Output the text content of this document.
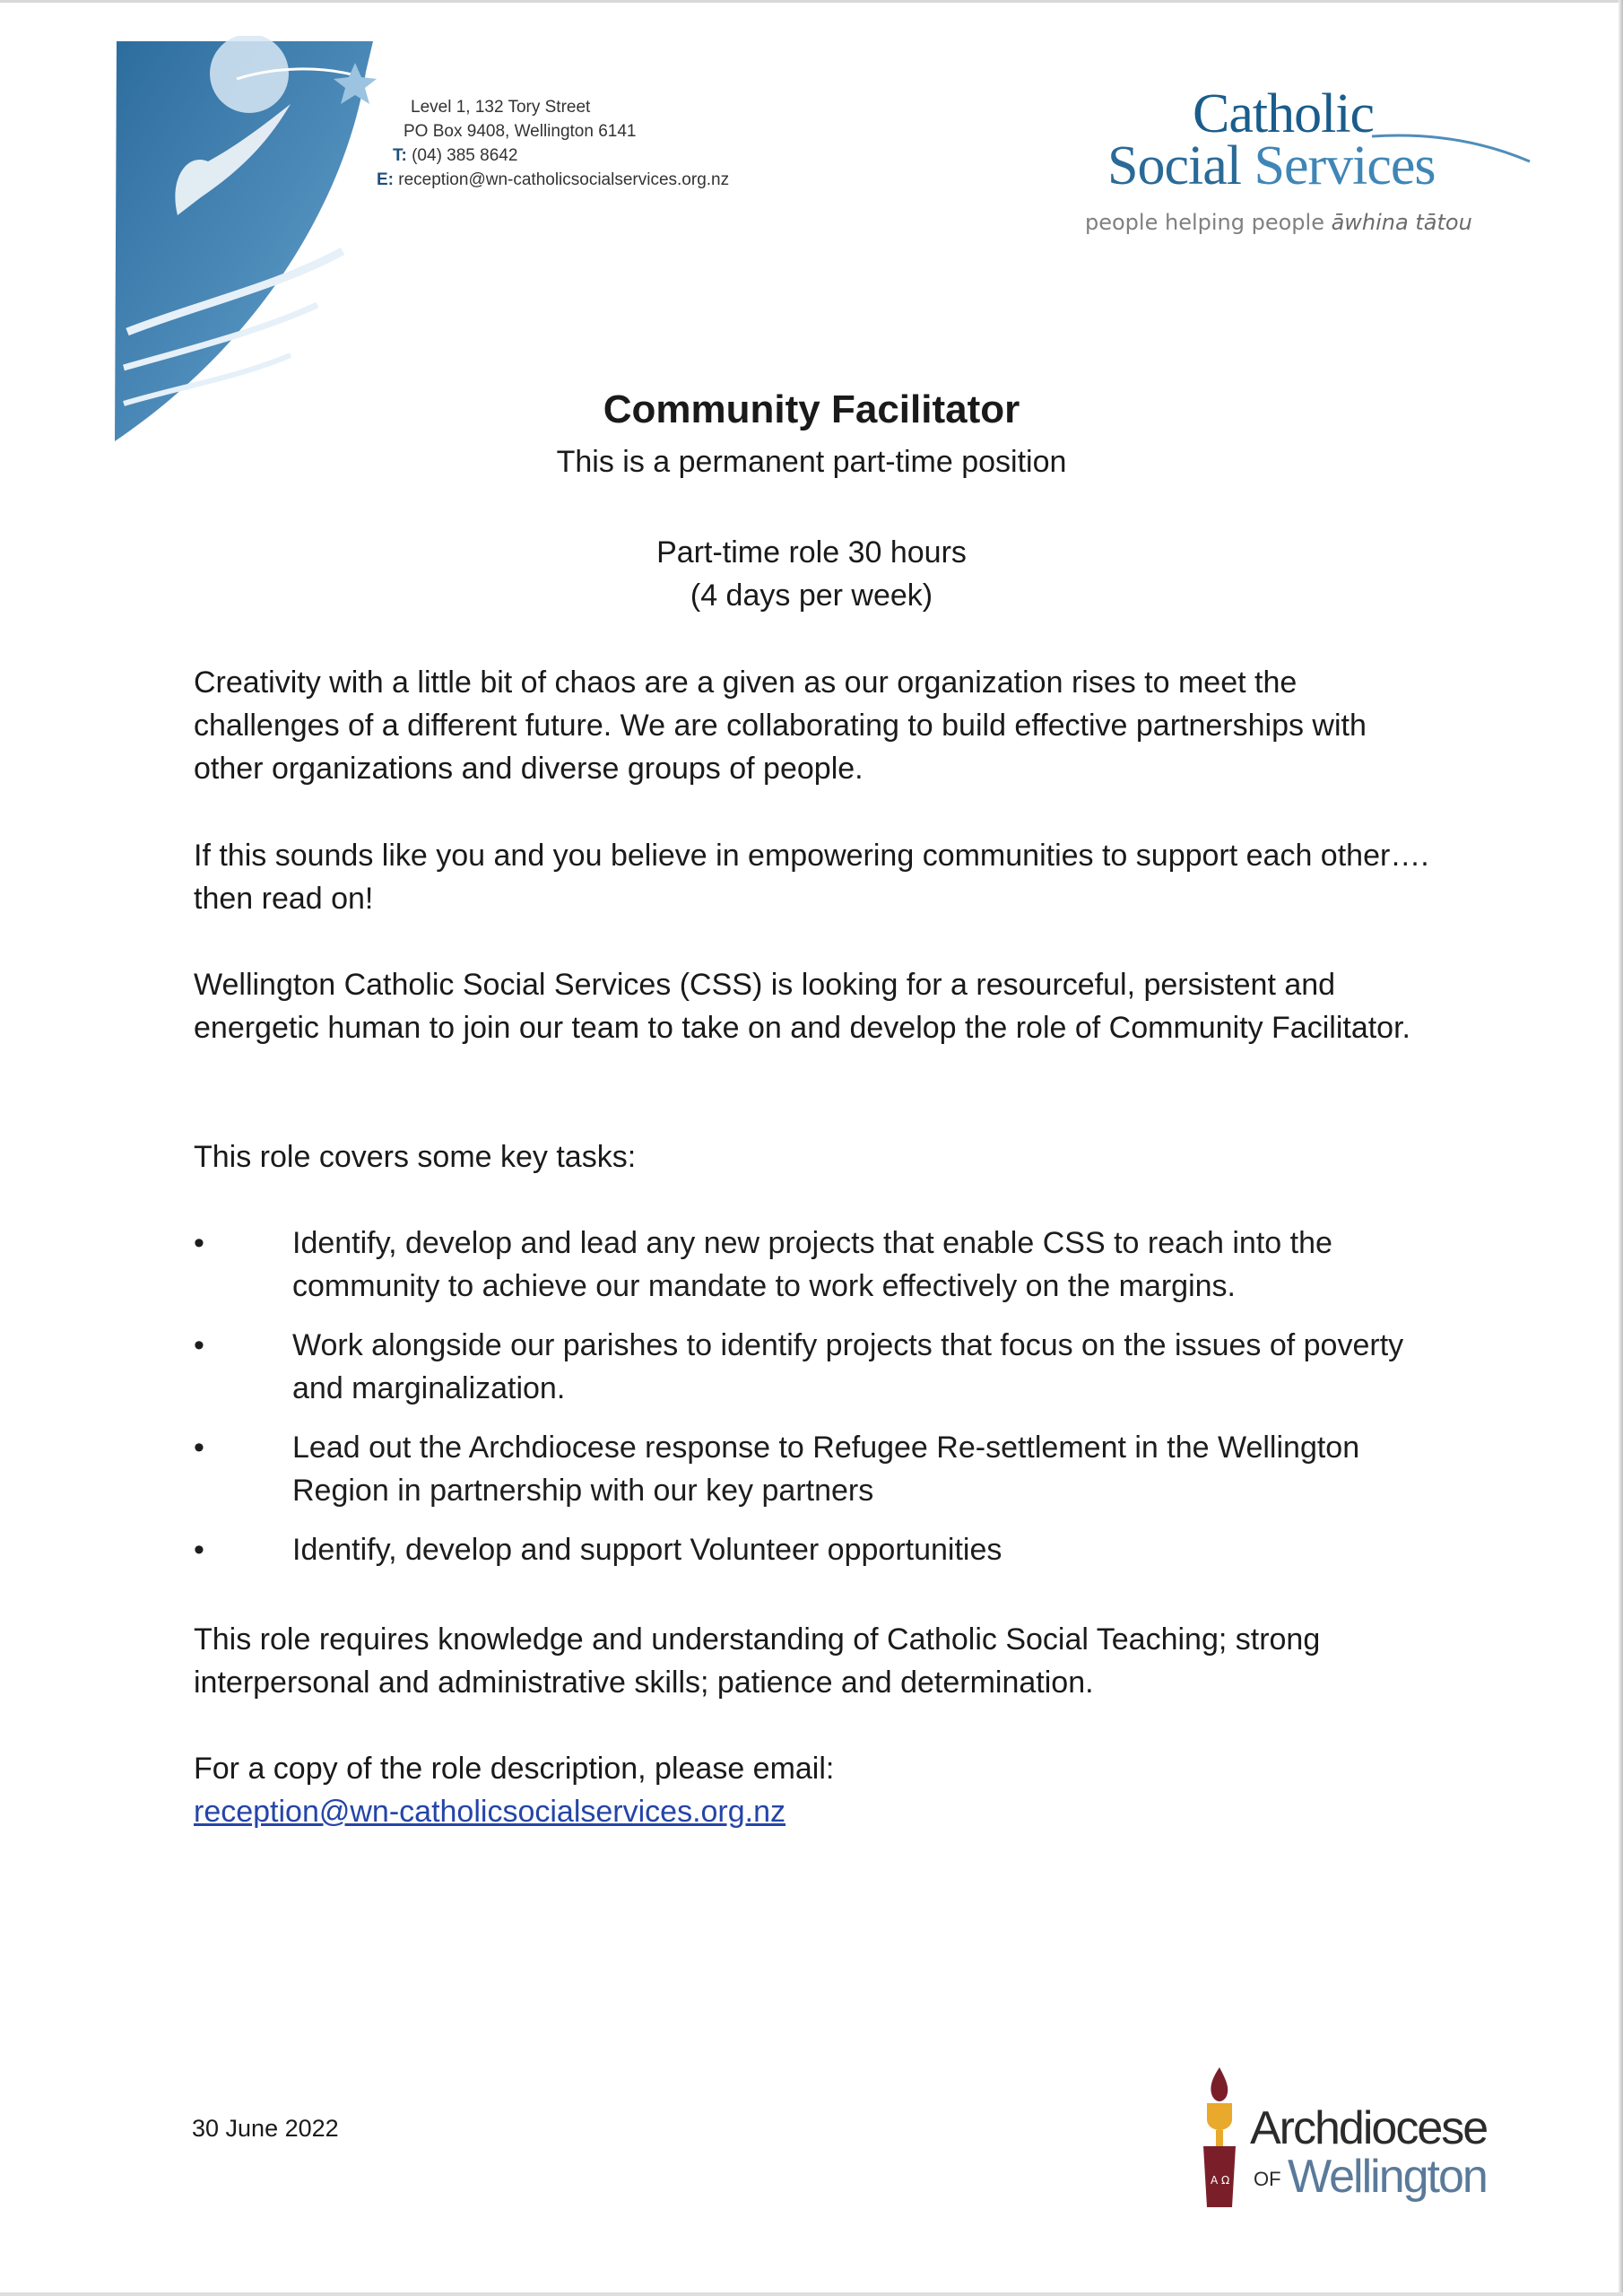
Level 1, 132 Tory Street
PO Box 9408, Wellington 6141
T: (04) 385 8642
E: reception@wn-catholicsocialservices.org.nz
Catholic
Social Services
people helping people āwhina tātou
Community Facilitator
This is a permanent part-time position
Part-time role 30 hours
(4 days per week)
Creativity with a little bit of chaos are a given as our organization rises to meet the challenges of a different future. We are collaborating to build effective partnerships with other organizations and diverse groups of people.
If this sounds like you and you believe in empowering communities to support each other…. then read on!
Wellington Catholic Social Services (CSS) is looking for a resourceful, persistent and energetic human to join our team to take on and develop the role of Community Facilitator.
This role covers some key tasks:
•	Identify, develop and lead any new projects that enable CSS to reach into the community to achieve our mandate to work effectively on the margins.
•	Work alongside our parishes to identify projects that focus on the issues of poverty and marginalization.
•	Lead out the Archdiocese response to Refugee Re-settlement in the Wellington Region in partnership with our key partners
•	Identify, develop and support Volunteer opportunities
This role requires knowledge and understanding of Catholic Social Teaching; strong interpersonal and administrative skills; patience and determination.
For a copy of the role description, please email:
reception@wn-catholicsocialservices.org.nz
30 June 2022
A Ω
Archdiocese
OF Wellington
